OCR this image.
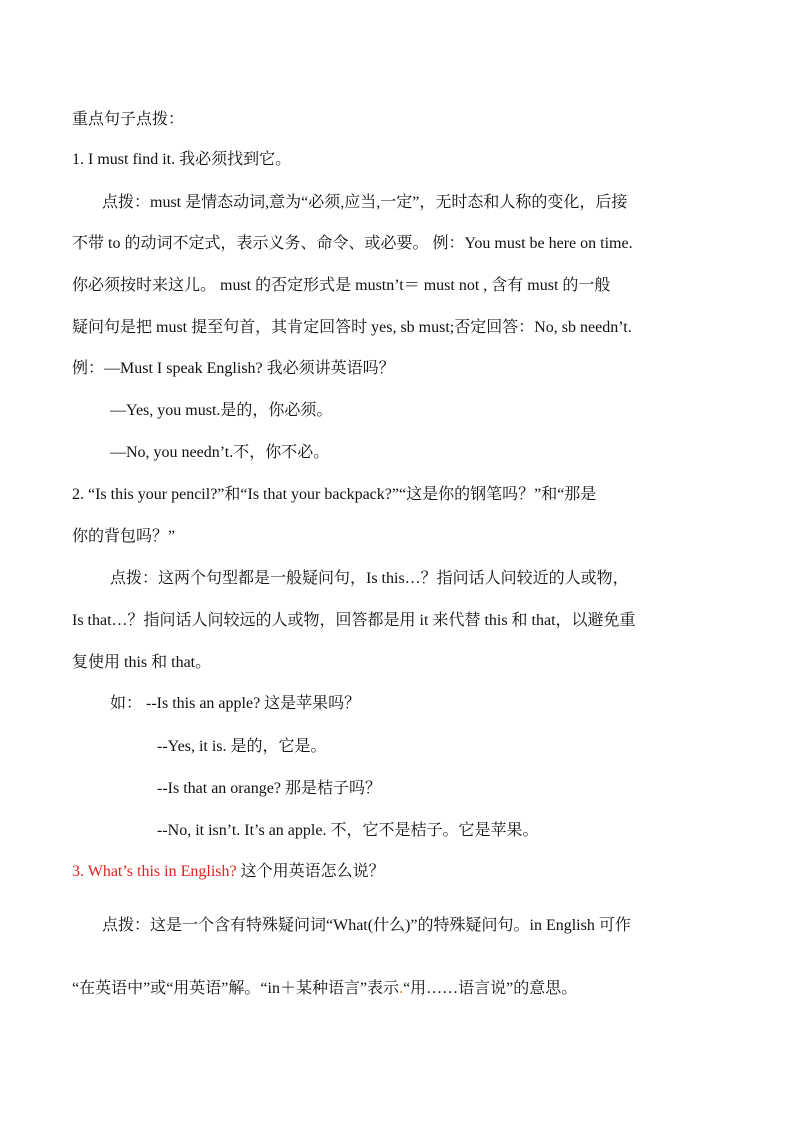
重点句子点拨：
1. I must find it. 我必须找到它。
点拨：must 是情态动词,意为“必须,应当,一定”，无时态和人称的变化，后接
不带 to 的动词不定式，表示义务、命令、或必要。 例：You must be here on time.
你必须按时来这儿。 must 的否定形式是 mustn’t＝ must not , 含有 must 的一般
疑问句是把 must 提至句首，其肯定回答时 yes, sb must;否定回答：No, sb needn’t.
例：—Must I speak English? 我必须讲英语吗？
—Yes, you must.是的，你必须。
—No, you needn’t.不，你不必。
2. “Is this your pencil?”和“Is that your backpack?”“这是你的钢笔吗？”和“那是
你的背包吗？”
点拨：这两个句型都是一般疑问句，Is this…？指问话人问较近的人或物，
Is that…？指问话人问较远的人或物，回答都是用 it 来代替 this 和 that，以避免重
复使用 this 和 that。
如： --Is this an apple? 这是苹果吗？
--Yes, it is. 是的，它是。
--Is that an orange? 那是桔子吗？
--No, it isn’t. It’s an apple. 不，它不是桔子。它是苹果。
3. What’s this in English? 这个用英语怎么说？
点拨：这是一个含有特殊疑问词“What(什么)”的特殊疑问句。in English 可作
“在英语中”或“用英语”解。“in＋某种语言”表示.“用……语言说”的意思。
